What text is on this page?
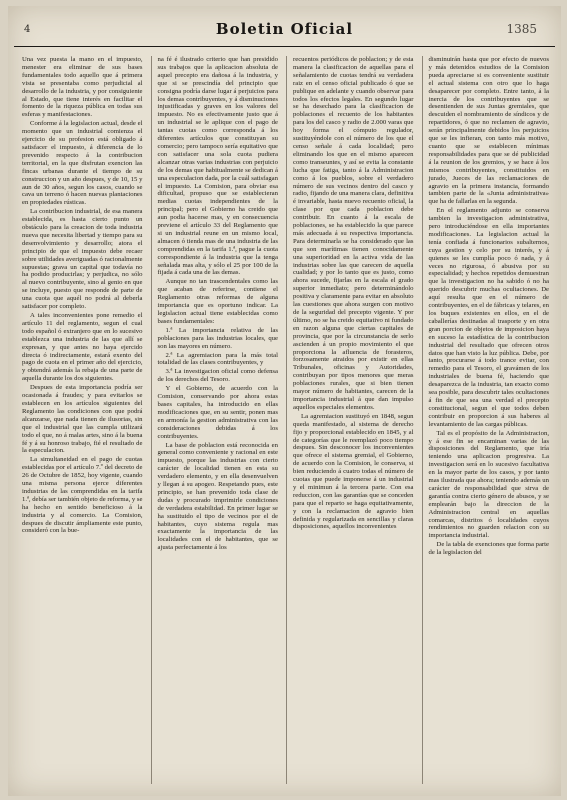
4	Boletin Oficial	1385

Una vez puesta la mano en el impuesto, menester era eliminar de sus bases fundamentales todo aquello que á primera vista se presentaba como perjudicial al desarrollo de la industria, y por consiguiente al Estado, que tiene interés en facilitar el fomento de la riqueza pública en todas sus esferas y manifestaciones.

Conforme á la legislacion actual, desde el momento que un industrial comienza el ejercicio de su profesion está obligado á satisfacer el impuesto, á diferencia de lo prevenido respecto á la contribucion territorial, en la que disfrutan exencion las fincas urbanas durante el tiempo de su construccion y un año despues, y de 10, 15 y aun de 30 años, segun los casos, cuando se cava un terreno ó hacen nuevas plantaciones en propiedades rústicas.

La contribucion industrial, de esa manera establecida, es hasta cierto punto un obstáculo para la creacion de toda industria nueva que necesita libertad y tiempo para su desenvolvimiento y desarrollo; atora el principio de que el impuesto debe recaer sobre utilidades averiguadas ó racionalmente supuestas; grava un capital que todavía no ha podido producirlas; y perjudica, no sólo al nuevo contribuyente, sino al genio en que se incluye, puesto que responde de parte de una cuota que aquél no podrá al deberla satisfacer por completo.

A tales inconvenientes pone remedio el artículo 11 del reglamento, segun el cual todo español ó extranjero que en lo sucesivo establezca una industria de las que allí se expresan, y que antes no haya ejercido directa ó indirectamente, estará exento del pago de cuota en el primer año del ejercicio, y obtendrá además la rebaja de una parte de aquella durante los dos siguientes.

Despues de esta importancia podría ser ocasionada á fraudes; y para evitarlos se establecen en los artículos siguientes del Reglamento las condiciones con que podrá alcanzarse, que nada tienen de ilusorias, sin que el industrial que las cumpla utilizará todo el que, no á malas artes, sino á la buena fé y á su honroso trabajo, fié el resultado de la especulacion.

La simultaneidad en el pago de cuotas establecidas por el artículo 7.º del decreto de 26 de Octubre de 1852, hoy vigente, cuando una misma persona ejerce diferentes industrias de las comprendidas en la tarifa 1.ª, debía ser también objeto de reforma, y se ha hecho en sentido beneficioso á la industria y al comercio. La Comision, despues de discutir ámpliamente este punto, consideró con la bue-

na fé é ilustrado criterio que han presidido sus trabajos que la aplicacion absoluta de aquel precepto era dañosa á la industria, y que si se prescindía del principio que consigna podría darse lugar á perjuicios para los demas contribuyentes, y á disminuciones injustificadas y graves en los valores del impuesto. No es efectivamente justo que á un industrial se le aplique con el pago de tantas cuotas como corresponda á los diferentes artículos que constituyan su comercio; pero tampoco sería equitativo que con satisfacer una sola cuota pudiera alcanzar otras varias industrias con perjuicio de los demas que habitualmente se dedican á una especulacion dada, por la cuál satisfagan el impuesto. La Comision, para obviar esa dificultad, propuso que se establecieran medias cuotas independientes de la principal; pero el Gobierno ha creido que aun podia hacerse mas, y en consecuencia previene el artículo 33 del Reglamento que si un industrial reune en un mismo local, almacen ó tienda mas de una industria de las comprendidas en la tarifa 1.ª, pague la cuota correspondiente á la industria que la tenga señalada mas alta, y sólo el 25 por 100 de la fijada á cada una de las demas.

Aunque no tan trascendentales como las que acaban de referirse, contiene el Reglamento otras reformas de alguna importancia que es oportuno indicar. La legislacion actual tiene establecidas como bases fundamentales:

1.ª La importancia relativa de las poblaciones para las industrias locales, que son las mayores en número.

2.ª La agremiacion para la más total totalidad de las clases contribuyentes, y

3.ª La investigacion oficial como defensa de los derechos del Tesoro.

Y el Gobierno, de acuerdo con la Comision, conservando por ahora estas bases capitales, ha introducido en ellas modificaciones que, en su sentir, ponen mas en armonía la gestion administrativa con las consideraciones debidas á los contribuyentes.

La base de poblacion está reconocida en general como conveniente y racional en este impuesto, porque las industrias con cierto carácter de localidad tienen en esta su verdadero elemento, y en ella desenvuelven y llegan á su apogeo. Respetando pues, este principio, se han prevenido toda clase de dudas y procurado imprimirle condiciones de verdadera estabilidad. En primer lugar se ha sustituido el tipo de vecinos por el de habitantes, cuyo sistema regula mas exactamente la importancia de las localidades con el de habitantes, que se ajusta perfectamente á los

recuentos periódicos de poblacion; y de esta manera la clasificacion de aquellas para el señalamiento de cuotas tendrá su verdadera raiz en el censo oficial publicado ó que se publique en adelante y cuando observar para todos los efectos legales. En segundo lugar se ha desechado para la clasificacion de poblaciones el recuento de los habitantes para los del casco y radio de 2.000 varas que hoy forma el cómputo regulador, sustituyéndole con el número de los que el censo señale á cada localidad; pero eliminando los que en el mismo aparecen como transeuntes, y así se evita la constante lucha que fatiga, tanto á la Administracion como á los pueblos, sobre el verdadero número de sus vecinos dentro del casco y radio, fijando de una manera clara, definitiva é invariable, hasta nuevo recuento oficial, la clase por que cada poblacion debe contribuir. En cuanto á la escala de poblaciones, se ha establecido la que parece más adecuada á su respectiva importancia. Para determinarla se ha considerado que las que son marítimas tienen conocidamente una superioridad en la activa vida de las industrias sobre las que carecen de aquella cualidad; y por lo tanto que es justo, como ahora sucede, fijarlas en la escala el grado superior inmediato; pero determinándolo positiva y claramente para evitar en absoluto las cuestiones que ahora surgen con motivo de la seguridad del precepto vigente. Y por último, no se ha creido equitativo ni fundado en razon alguna que ciertas capitales de provincia, que por la circunstancia de serlo ascienden á un propio movimiento el que proporciona la afluencia de forasteros, forzosamente atraidos por existir en ellas Tribunales, oficinas y Autoridades, contribuyan por tipos menores que meras poblaciones rurales, que si bien tienen mayor número de habitantes, carecen de la importancia industrial á que dan impulso aquellos especiales elementos.

La agremiacion sustituyó en 1848, segun queda manifestado, al sistema de derecho fijo y proporcional establecido en 1845, y al de categorías que le reemplazó poco tiempo despues. Sin desconocer los inconvenientes que ofrece el sistema gremial, el Gobierno, de acuerdo con la Comision, le conserva, si bien reduciendo á cuatro todas el número de cuotas que puede imponerse á un industrial y el minimun á la tercera parte. Con esa reduccion, con las garantías que se conceden para que el reparto se haga equitativamente, y con la reclamacion de agravio bien definida y regularizada en sencillas y claras disposiciones, aquellos inconvenientes

disminuirán hasta que por efecto de nuevos y más detenidos estudios de la Comision pueda apreciarse si es conveniente sustituir el actual sistema con otro que lo haga desaparecer por completo. Entre tanto, á la inercia de los contribuyentes que se desentienden de sus Juntas gremiales, que descuiden el nombramiento de síndicos y de repartidores, ó que no reclamen de agravio, serán principalmente debidos los perjuicios que se les infieran, con tanto más motivo, cuanto que se establecen mínimas responsabilidades para que se dé publicidad á la reunion de los gremios, y se hace á los mismos contribuyentes, constituidos en jurado, Jueces de las reclamaciones de agravio en la primera instancia, formando tambien parte de la «Junta administrativa» que ha de fallarlas en la segunda.

En el reglamento adjunto se conserva tambien la investigacion administrativa, pero introduciéndose en ella importantes modificaciones. La legislacion actual la tenía confiada á funcionarios subalternos, cuya gestion y celo por su interés, y á quienes se les cumplía poco ó nada, y á veces no rigurosa, ó abusiva por su especialidad; y hechos repetidos demuestran que la investigacion no ha sabido ó no ha querido descubrir muchas ocultaciones. De aquí resulta que en el número de contribuyentes, en el de fábricas y telares, en los buques existentes en ellos, en el de caballerías destinadas al trasporte y en otra gran porcion de objetos de imposicion haya en suceso la estadística de la contribucion industrial del resultado que ofrecen otros datos que han visto la luz pública. Debe, por tanto, procurarse á todo trance evitar, con remedio para el Tesoro, el gravámen de los industriales de buena fé, haciendo que desaparezca de la industria, tan exacto como sea posible, para descubrir tales ocultaciones á fin de que sea una verdad el precepto constitucional, segun el que todos deben contribuir en proporcion á sus haberes al levantamiento de las cargas públicas.

Tal es el propósito de la Administracion, y á ese fin se encaminan varias de las disposiciones del Reglamento, que iría teniendo una aplicacion progresiva. La investigacion será en lo sucesivo facultativa en la mayor parte de los casos, y por tanto mas ilustrada que ahora; teniendo además un carácter de responsabilidad que sirva de garantía contra cierto género de abusos, y se emplearán bajo la direccion de la Administracion central en aquellas comarcas, distritos ó localidades cuyos rendimientos no guarden relacion con su importancia industrial.

De la tabla de exenciones que forma parte de la legislacion del
